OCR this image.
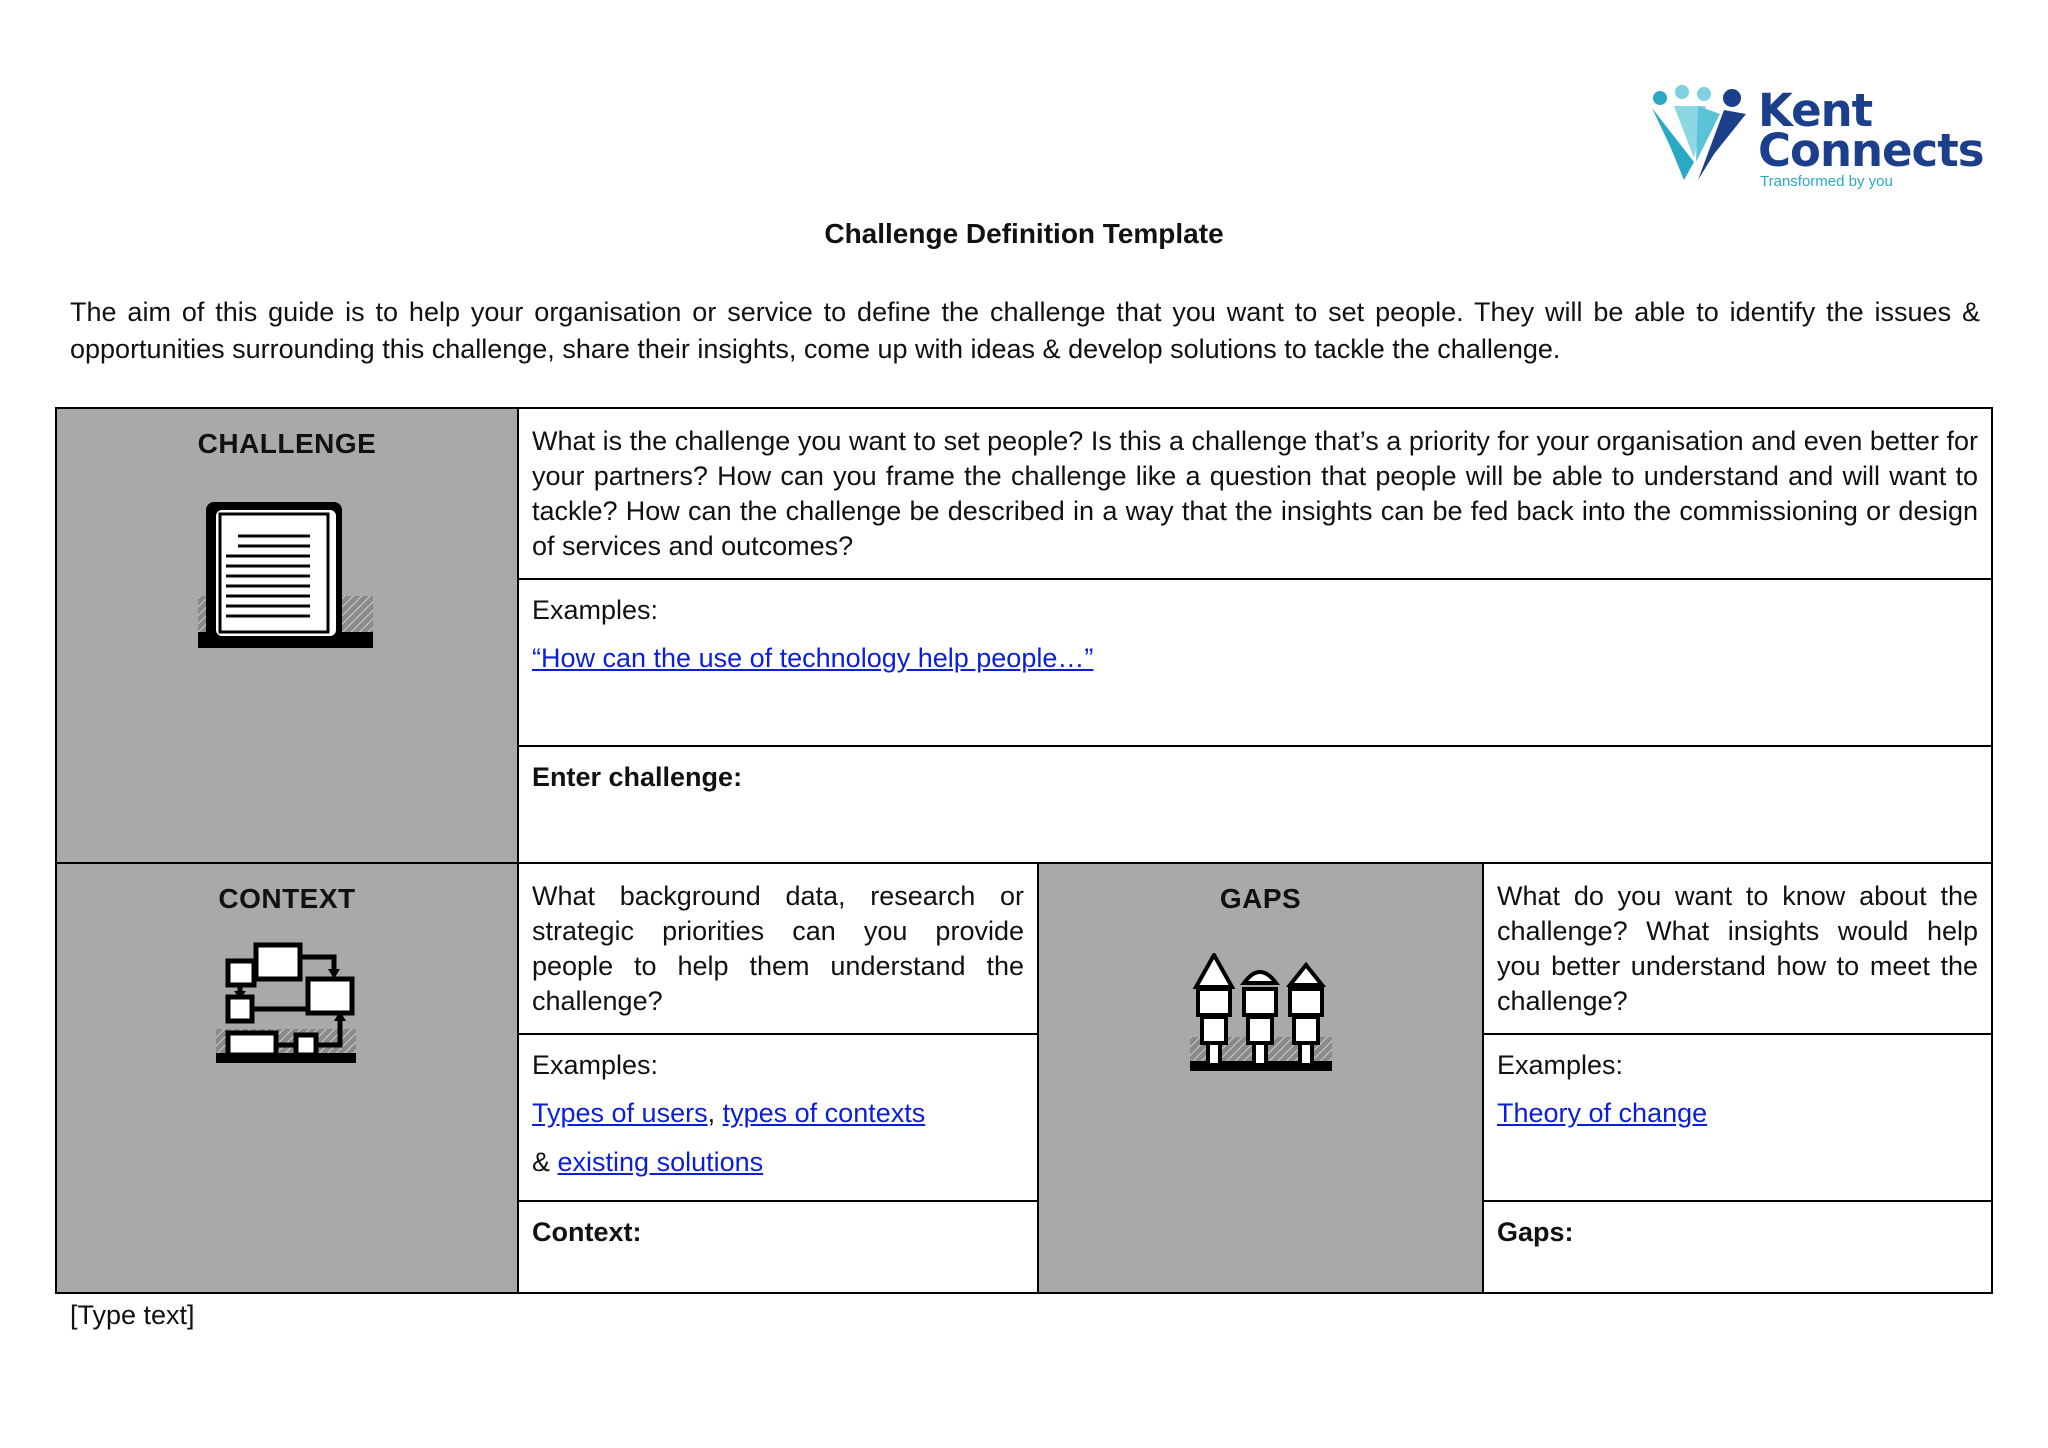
Kent
Connects
Transformed by you
Challenge Definition Template

The aim of this guide is to help your organisation or service to define the challenge that you want to set people. They will be able to identify the issues & opportunities surrounding this challenge, share their insights, come up with ideas & develop solutions to tackle the challenge.

CHALLENGE	What is the challenge you want to set people? Is this a challenge that’s a priority for your organisation and even better for your partners? How can you frame the challenge like a question that people will be able to understand and will want to tackle? How can the challenge be described in a way that the insights can be fed back into the commissioning or design of services and outcomes?

Examples:
“How can the use of technology help people…”
Enter challenge:
CONTEXT	What background data, research or strategic priorities can you provide people to help them understand the challenge?

Examples:
Types of users, types of contexts
& existing solutions
Context:
GAPS	What do you want to know about the challenge? What insights would help you better understand how to meet the challenge?

Examples:
Theory of change
Gaps:
[Type text]
